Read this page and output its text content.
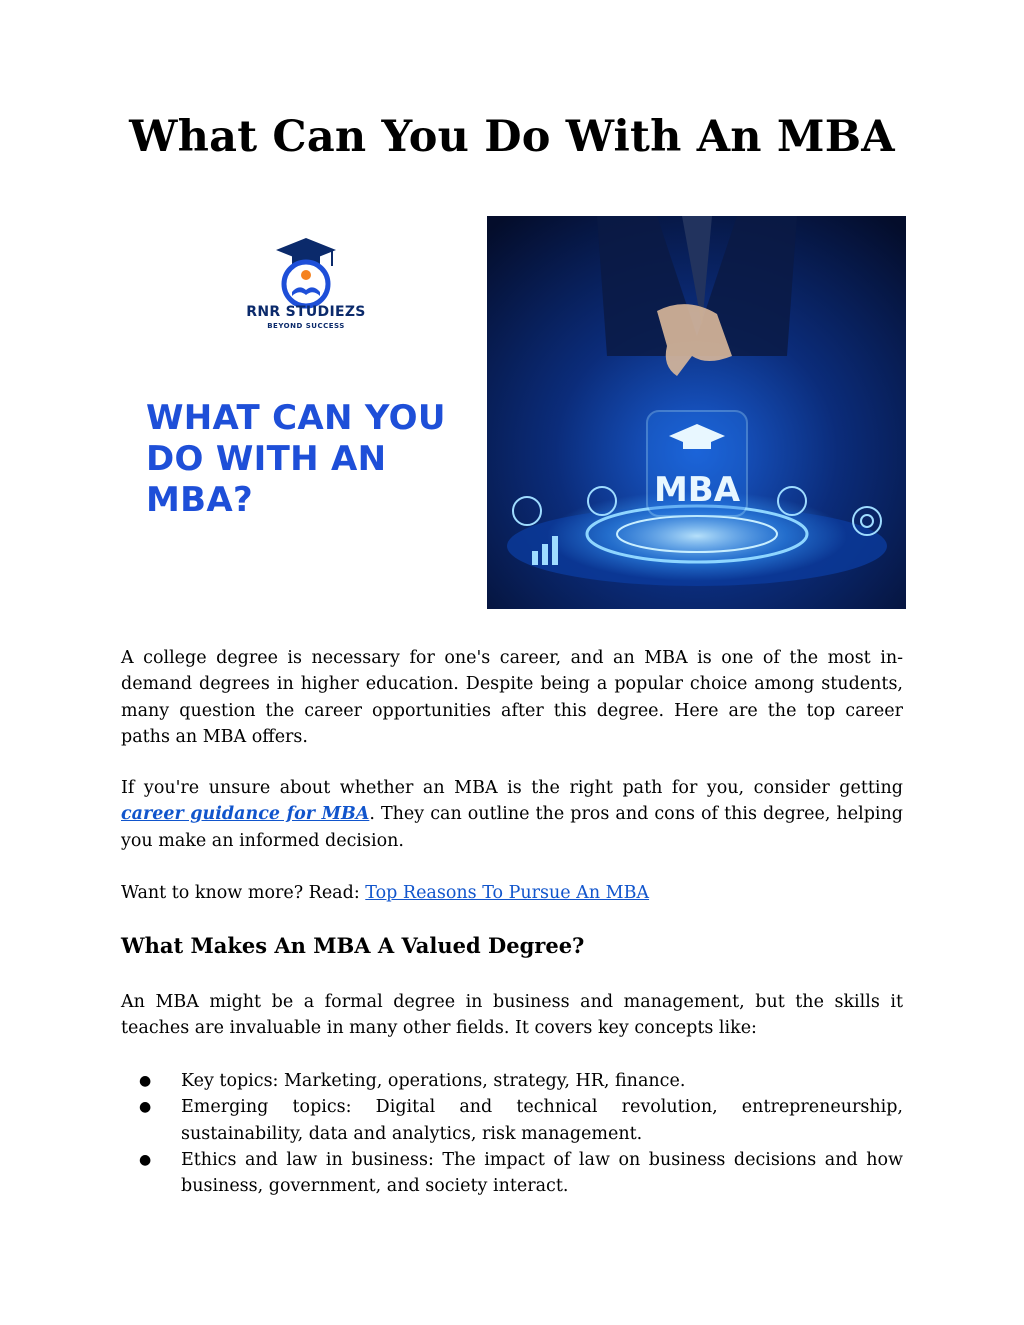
What Can You Do With An MBA
RNR STUDIEZS
BEYOND SUCCESS
WHAT CAN YOU
DO WITH AN MBA?	MBA

A college degree is necessary for one's career, and an MBA is one of the most in-demand degrees in higher education. Despite being a popular choice among students, many question the career opportunities after this degree. Here are the top career paths an MBA offers.

If you're unsure about whether an MBA is the right path for you, consider getting career guidance for MBA. They can outline the pros and cons of this degree, helping you make an informed decision.

Want to know more? Read: Top Reasons To Pursue An MBA

What Makes An MBA A Valued Degree?

An MBA might be a formal degree in business and management, but the skills it teaches are invaluable in many other fields. It covers key concepts like:

● Key topics: Marketing, operations, strategy, HR, finance.
● Emerging topics: Digital and technical revolution, entrepreneurship, sustainability, data and analytics, risk management.
● Ethics and law in business: The impact of law on business decisions and how business, government, and society interact.
